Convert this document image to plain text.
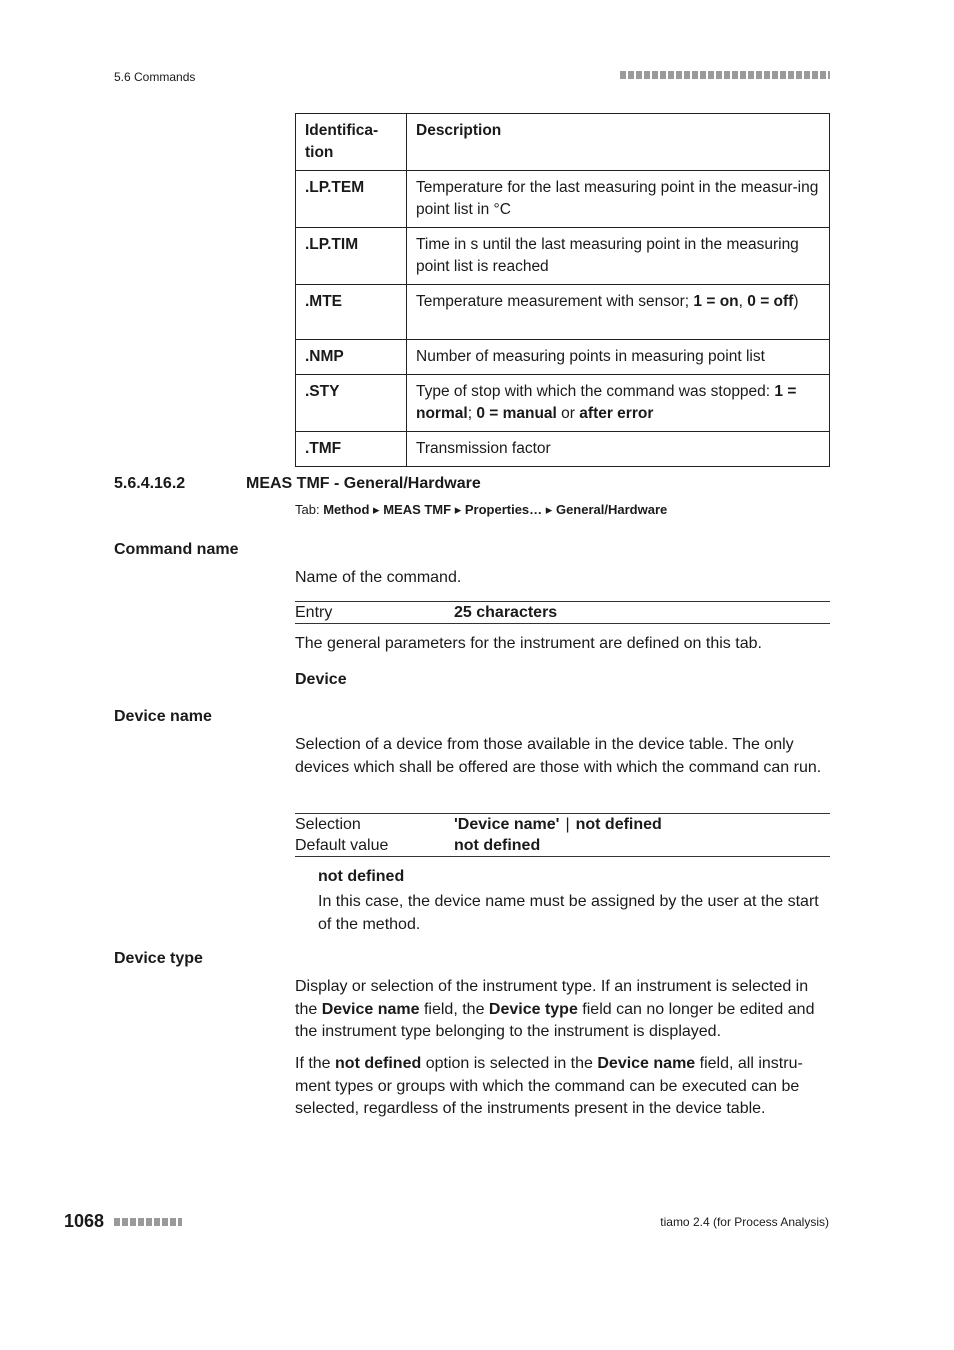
5.6 Commands
Identifica-tion	Description
.LP.TEM	Temperature for the last measuring point in the measur-ing point list in °C
.LP.TIM	Time in s until the last measuring point in the measuring point list is reached
.MTE	Temperature measurement with sensor; 1 = on, 0 = off)
.NMP	Number of measuring points in measuring point list
.STY	Type of stop with which the command was stopped: 1 = normal; 0 = manual or after error
.TMF	Transmission factor
5.6.4.16.2	MEAS TMF - General/Hardware
Tab: Method ▸ MEAS TMF ▸ Properties… ▸ General/Hardware
Command name
Name of the command.
Entry	25 characters
The general parameters for the instrument are defined on this tab.
Device
Device name
Selection of a device from those available in the device table. The only devices which shall be offered are those with which the command can run.
Selection	'Device name' | not defined
Default value	not defined
not defined
In this case, the device name must be assigned by the user at the start of the method.
Device type
Display or selection of the instrument type. If an instrument is selected in the Device name field, the Device type field can no longer be edited and the instrument type belonging to the instrument is displayed.
If the not defined option is selected in the Device name field, all instru-ment types or groups with which the command can be executed can be selected, regardless of the instruments present in the device table.
1068	tiamo 2.4 (for Process Analysis)
